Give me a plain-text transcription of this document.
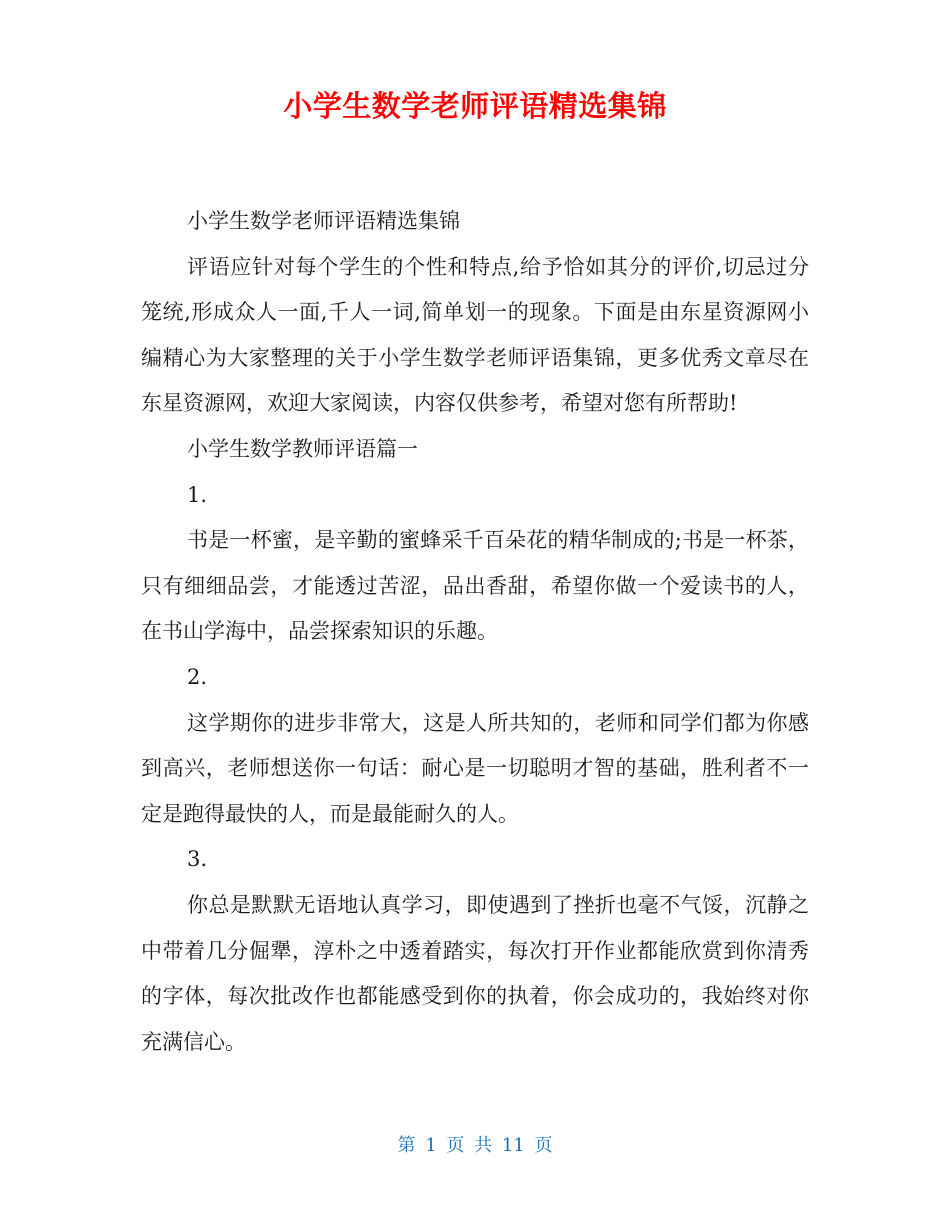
小学生数学老师评语精选集锦

小学生数学老师评语精选集锦

评语应针对每个学生的个性和特点,给予恰如其分的评价,切忌过分笼统,形成众人一面,千人一词,简单划一的现象。下面是由东星资源网小编精心为大家整理的关于小学生数学老师评语集锦，更多优秀文章尽在东星资源网，欢迎大家阅读，内容仅供参考，希望对您有所帮助!

小学生数学教师评语篇一

1.

书是一杯蜜，是辛勤的蜜蜂采千百朵花的精华制成的;书是一杯茶，只有细细品尝，才能透过苦涩，品出香甜，希望你做一个爱读书的人，在书山学海中，品尝探索知识的乐趣。

2.

这学期你的进步非常大，这是人所共知的，老师和同学们都为你感到高兴，老师想送你一句话：耐心是一切聪明才智的基础，胜利者不一定是跑得最快的人，而是最能耐久的人。

3.

你总是默默无语地认真学习，即使遇到了挫折也毫不气馁，沉静之中带着几分倔犟，淳朴之中透着踏实，每次打开作业都能欣赏到你清秀的字体，每次批改作也都能感受到你的执着，你会成功的，我始终对你充满信心。

第 1 页 共 11 页
